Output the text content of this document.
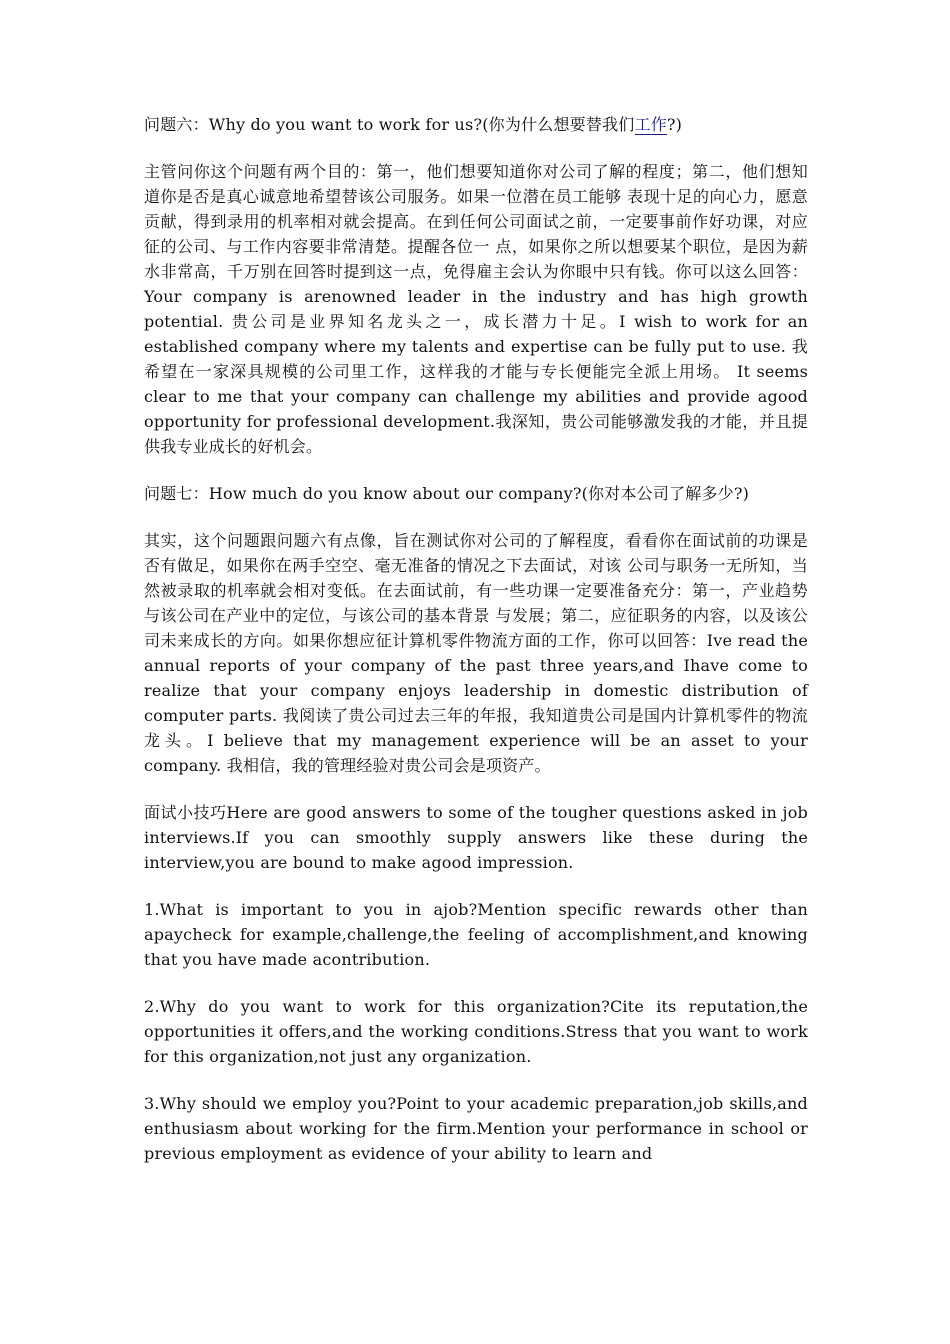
问题六：Why do you want to work for us?(你为什么想要替我们工作?)

主管问你这个问题有两个目的：第一，他们想要知道你对公司了解的程度；第二，他们想知道你是否是真心诚意地希望替该公司服务。如果一位潜在员工能够 表现十足的向心力，愿意贡献，得到录用的机率相对就会提高。在到任何公司面试之前，一定要事前作好功课，对应征的公司、与工作内容要非常清楚。提醒各位一 点，如果你之所以想要某个职位，是因为薪水非常高，千万别在回答时提到这一点，免得雇主会认为你眼中只有钱。你可以这么回答： Your company is arenowned leader in the industry and has high growth potential. 贵公司是业界知名龙头之一，成长潜力十足。I wish to work for an established company where my talents and expertise can be fully put to use. 我希望在一家深具规模的公司里工作，这样我的才能与专长便能完全派上用场。 It seems clear to me that your company can challenge my abilities and provide agood opportunity for professional development.我深知，贵公司能够激发我的才能，并且提供我专业成长的好机会。

问题七：How much do you know about our company?(你对本公司了解多少?)

其实，这个问题跟问题六有点像，旨在测试你对公司的了解程度，看看你在面试前的功课是否有做足，如果你在两手空空、毫无准备的情况之下去面试，对该 公司与职务一无所知，当然被录取的机率就会相对变低。在去面试前，有一些功课一定要准备充分：第一，产业趋势与该公司在产业中的定位，与该公司的基本背景 与发展；第二，应征职务的内容，以及该公司未来成长的方向。如果你想应征计算机零件物流方面的工作，你可以回答：Ive read the annual reports of your company of the past three years,and Ihave come to realize that your company enjoys leadership in domestic distribution of computer parts. 我阅读了贵公司过去三年的年报，我知道贵公司是国内计算机零件的物流龙头。I believe that my management experience will be an asset to your company. 我相信，我的管理经验对贵公司会是项资产。

面试小技巧Here are good answers to some of the tougher questions asked in job interviews.If you can smoothly supply answers like these during the interview,you are bound to make agood impression.

1.What is important to you in ajob?Mention specific rewards other than apaycheck for example,challenge,the feeling of accomplishment,and knowing that you have made acontribution.

2.Why do you want to work for this organization?Cite its reputation,the opportunities it offers,and the working conditions.Stress that you want to work for this organization,not just any organization.

3.Why should we employ you?Point to your academic preparation,job skills,and enthusiasm about working for the firm.Mention your performance in school or previous employment as evidence of your ability to learn and
